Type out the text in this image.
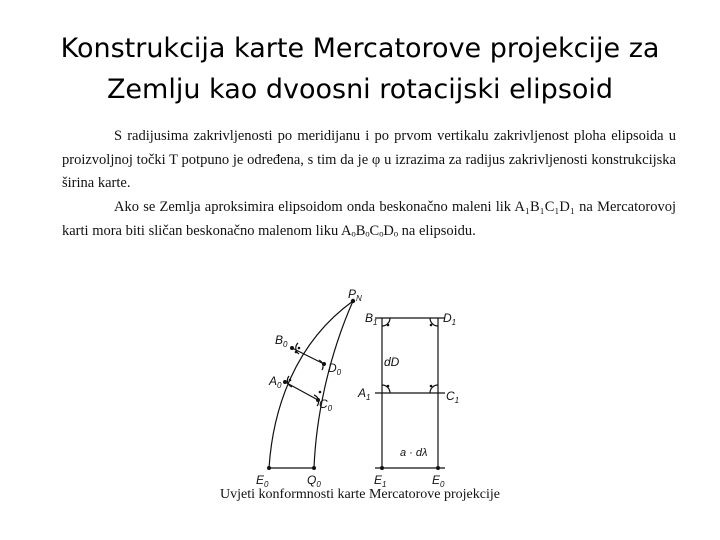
Konstrukcija karte Mercatorove projekcije za
Zemlju kao dvoosni rotacijski elipsoid

S radijusima zakrivljenosti po meridijanu i po prvom vertikalu zakrivljenost ploha elipsoida u proizvoljnoj točki T potpuno je određena, s tim da je φ u izrazima za radijus zakrivljenosti konstrukcijska širina karte.

Ako se Zemlja aproksimira elipsoidom onda beskonačno maleni lik A₁B₁C₁D₁ na Mercatorovoj karti mora biti sličan beskonačno malenom liku AₒBₒCₒDₒ na elipsoidu.

$P_N$
$B_0$
$D_0$
$A_0$
$C_0$
$E_0$	$Q_0$
$B_1$	$D_1$
$A_1$	$C_1$
dD
a · dλ
$E_1$	$E_0$
Uvjeti konformnosti karte Mercatorove projekcije
